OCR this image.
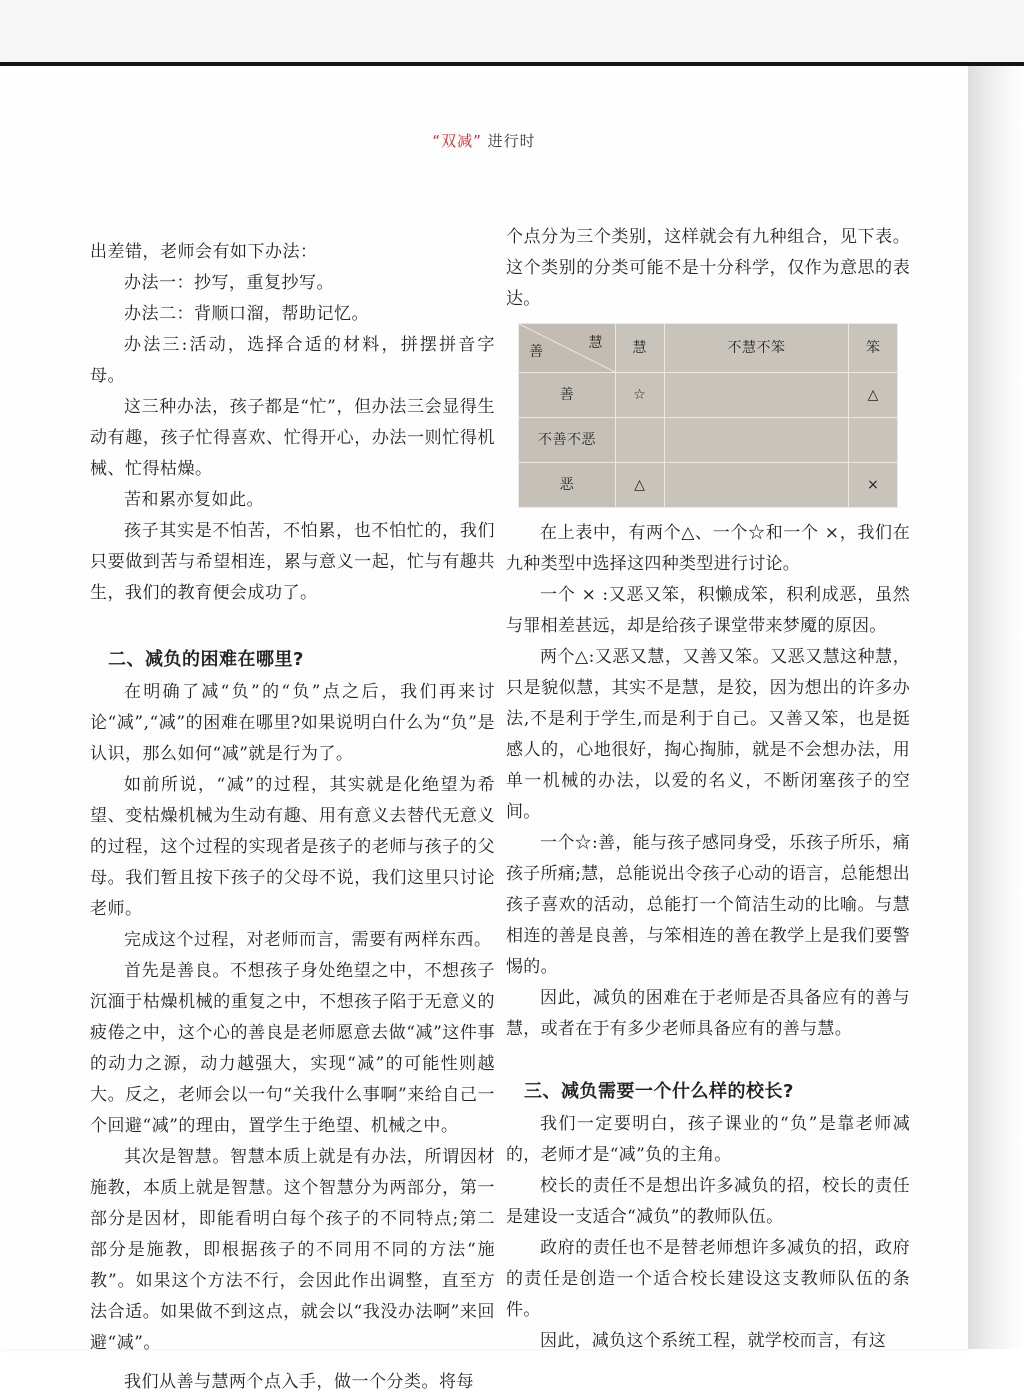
“双减” 进行时

出差错，老师会有如下办法：

办法一：抄写，重复抄写。

办法二：背顺口溜，帮助记忆。

办法三:活动，选择合适的材料，拼摆拼音字母。

这三种办法，孩子都是“忙”，但办法三会显得生动有趣，孩子忙得喜欢、忙得开心，办法一则忙得机械、忙得枯燥。

苦和累亦复如此。

孩子其实是不怕苦，不怕累，也不怕忙的，我们只要做到苦与希望相连，累与意义一起，忙与有趣共生，我们的教育便会成功了。

二、减负的困难在哪里?

在明确了减“负”的“负”点之后，我们再来讨论“减”,“减”的困难在哪里?如果说明白什么为“负”是认识，那么如何“减”就是行为了。

如前所说，“减”的过程，其实就是化绝望为希望、变枯燥机械为生动有趣、用有意义去替代无意义的过程，这个过程的实现者是孩子的老师与孩子的父母。我们暂且按下孩子的父母不说，我们这里只讨论老师。

完成这个过程，对老师而言，需要有两样东西。

首先是善良。不想孩子身处绝望之中，不想孩子沉湎于枯燥机械的重复之中，不想孩子陷于无意义的疲倦之中，这个心的善良是老师愿意去做“减”这件事的动力之源，动力越强大，实现“减”的可能性则越大。反之，老师会以一句“关我什么事啊”来给自己一个回避“减”的理由，置学生于绝望、机械之中。

其次是智慧。智慧本质上就是有办法，所谓因材施教，本质上就是智慧。这个智慧分为两部分，第一部分是因材，即能看明白每个孩子的不同特点;第二部分是施教，即根据孩子的不同用不同的方法“施教”。如果这个方法不行，会因此作出调整，直至方法合适。如果做不到这点，就会以“我没办法啊”来回避“减”。

我们从善与慧两个点入手，做一个分类。将每

个点分为三个类别，这样就会有九种组合，见下表。这个类别的分类可能不是十分科学，仅作为意思的表达。

慧
善	慧	不慧不笨	笨
善	☆		△
不善不恶			
恶	△		×

在上表中，有两个△、一个☆和一个 ×，我们在九种类型中选择这四种类型进行讨论。

一个 × :又恶又笨，积懒成笨，积利成恶，虽然与罪相差甚远，却是给孩子课堂带来梦魇的原因。

两个△:又恶又慧，又善又笨。又恶又慧这种慧，只是貌似慧，其实不是慧，是狡，因为想出的许多办法,不是利于学生,而是利于自己。又善又笨，也是挺感人的，心地很好，掏心掏肺，就是不会想办法，用单一机械的办法，以爱的名义，不断闭塞孩子的空间。

一个☆:善，能与孩子感同身受，乐孩子所乐，痛孩子所痛;慧，总能说出令孩子心动的语言，总能想出孩子喜欢的活动，总能打一个简洁生动的比喻。与慧相连的善是良善，与笨相连的善在教学上是我们要警惕的。

因此，减负的困难在于老师是否具备应有的善与慧，或者在于有多少老师具备应有的善与慧。

三、减负需要一个什么样的校长?

我们一定要明白，孩子课业的“负”是靠老师减的，老师才是“减”负的主角。

校长的责任不是想出许多减负的招，校长的责任是建设一支适合“减负”的教师队伍。

政府的责任也不是替老师想许多减负的招，政府的责任是创造一个适合校长建设这支教师队伍的条件。

因此，减负这个系统工程，就学校而言，有这
